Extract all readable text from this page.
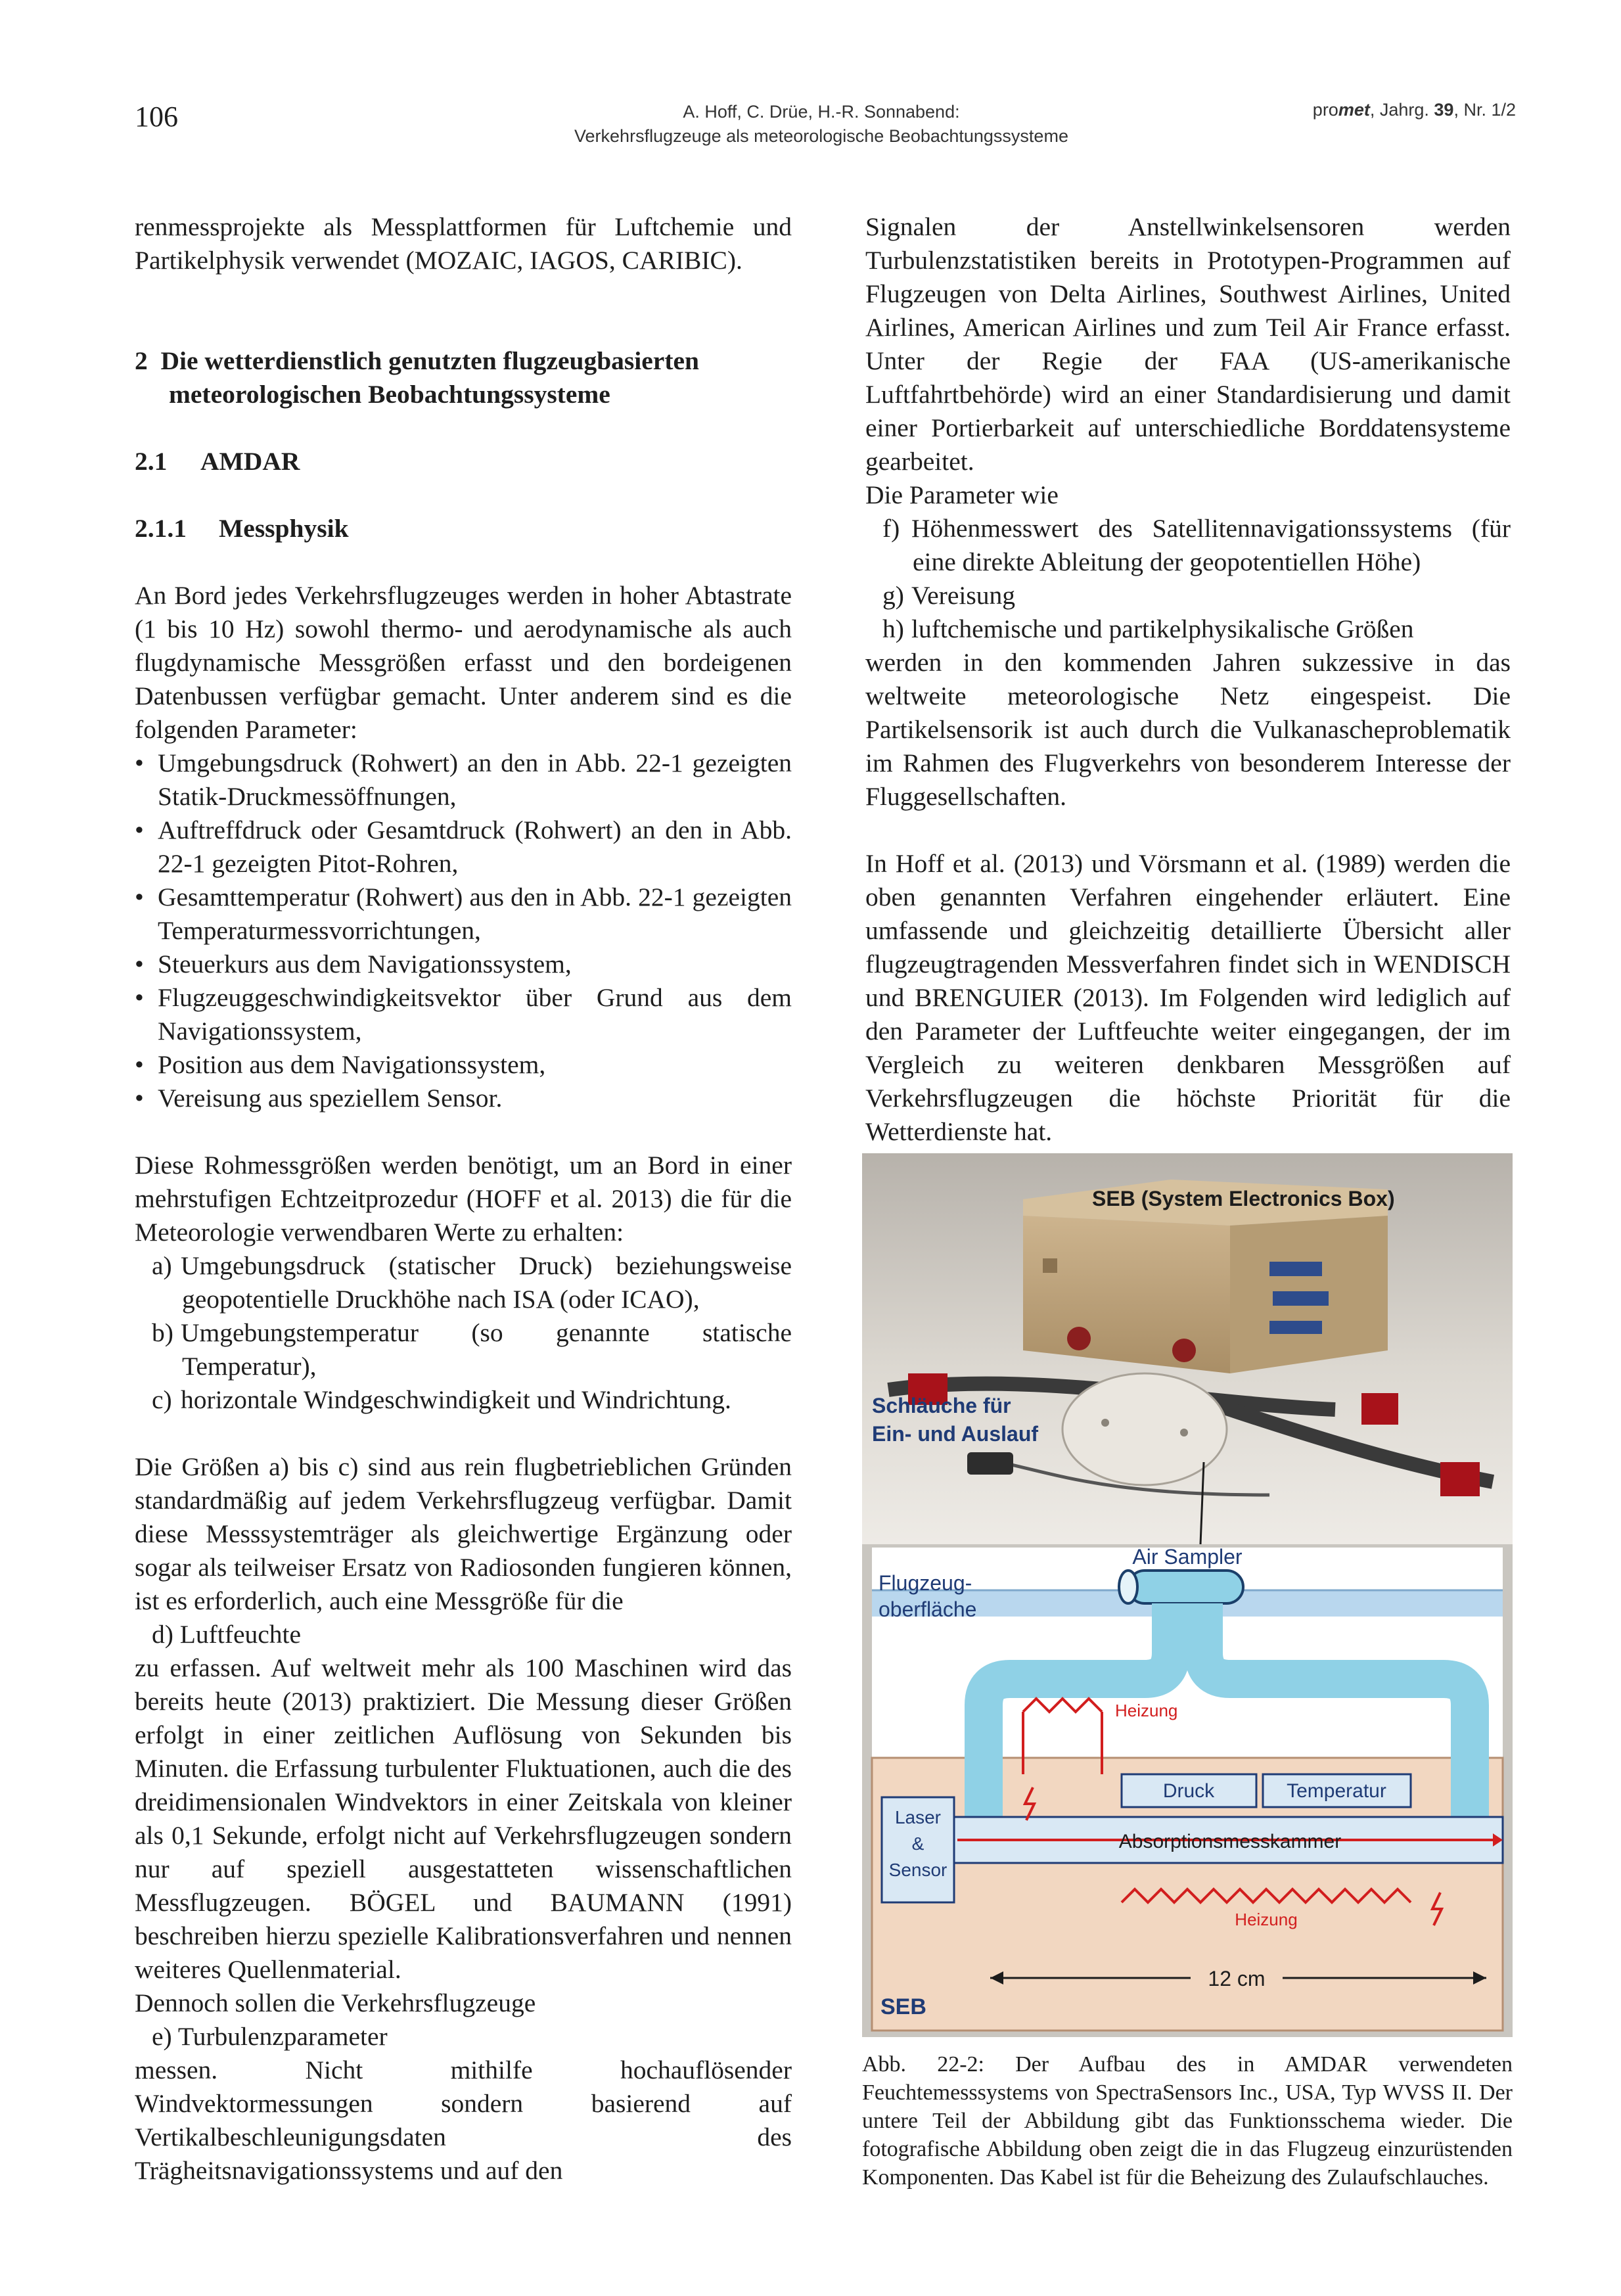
106	A. Hoff, C. Drüe, H.-R. Sonnabend:
Verkehrsflugzeuge als meteorologische Beobachtungssysteme
promet, Jahrg. 39, Nr. 1/2

renmessprojekte als Messplattformen für Luftchemie und Partikelphysik verwendet (MOZAIC, IAGOS, CARIBIC).

2 Die wetterdienstlich genutzten flugzeugbasierten meteorologischen Beobachtungssysteme
2.1 AMDAR
2.1.1 Messphysik

An Bord jedes Verkehrsflugzeuges werden in hoher Abtastrate (1 bis 10 Hz) sowohl thermo- und aerodynamische als auch flugdynamische Messgrößen erfasst und den bordeigenen Datenbussen verfügbar gemacht. Unter anderem sind es die folgenden Parameter:

• Umgebungsdruck (Rohwert) an den in Abb. 22-1 gezeigten Statik-Druckmessöffnungen,
• Auftreffdruck oder Gesamtdruck (Rohwert) an den in Abb. 22-1 gezeigten Pitot-Rohren,
• Gesamttemperatur (Rohwert) aus den in Abb. 22-1 gezeigten Temperaturmessvorrichtungen,
• Steuerkurs aus dem Navigationssystem,
• Flugzeuggeschwindigkeitsvektor über Grund aus dem Navigationssystem,
• Position aus dem Navigationssystem,
• Vereisung aus speziellem Sensor.

Diese Rohmessgrößen werden benötigt, um an Bord in einer mehrstufigen Echtzeitprozedur (HOFF et al. 2013) die für die Meteorologie verwendbaren Werte zu erhalten:

a) Umgebungsdruck (statischer Druck) beziehungsweise geopotentielle Druckhöhe nach ISA (oder ICAO),
b) Umgebungstemperatur (so genannte statische Temperatur),
c) horizontale Windgeschwindigkeit und Windrichtung.

Die Größen a) bis c) sind aus rein flugbetrieblichen Gründen standardmäßig auf jedem Verkehrsflugzeug verfügbar. Damit diese Messsystemträger als gleichwertige Ergänzung oder sogar als teilweiser Ersatz von Radiosonden fungieren können, ist es erforderlich, auch eine Messgröße für die

d) Luftfeuchte

zu erfassen. Auf weltweit mehr als 100 Maschinen wird das bereits heute (2013) praktiziert. Die Messung dieser Größen erfolgt in einer zeitlichen Auflösung von Sekunden bis Minuten. die Erfassung turbulenter Fluktuationen, auch die des dreidimensionalen Windvektors in einer Zeitskala von kleiner als 0,1 Sekunde, erfolgt nicht auf Verkehrsflugzeugen sondern nur auf speziell ausgestatteten wissenschaftlichen Messflugzeugen. BÖGEL und BAUMANN (1991) beschreiben hierzu spezielle Kalibrationsverfahren und nennen weiteres Quellenmaterial.

Dennoch sollen die Verkehrsflugzeuge

e) Turbulenzparameter

messen. Nicht mithilfe hochauflösender Windvektormessungen sondern basierend auf Vertikalbeschleunigungsdaten des Trägheitsnavigationssystems und auf den

Signalen der Anstellwinkelsensoren werden Turbulenzstatistiken bereits in Prototypen-Programmen auf Flugzeugen von Delta Airlines, Southwest Airlines, United Airlines, American Airlines und zum Teil Air France erfasst. Unter der Regie der FAA (US-amerikanische Luftfahrtbehörde) wird an einer Standardisierung und damit einer Portierbarkeit auf unterschiedliche Borddatensysteme gearbeitet.

Die Parameter wie

f) Höhenmesswert des Satellitennavigationssystems (für eine direkte Ableitung der geopotentiellen Höhe)
g) Vereisung
h) luftchemische und partikelphysikalische Größen

werden in den kommenden Jahren sukzessive in das weltweite meteorologische Netz eingespeist. Die Partikelsensorik ist auch durch die Vulkanascheproblematik im Rahmen des Flugverkehrs von besonderem Interesse der Fluggesellschaften.

In Hoff et al. (2013) und Vörsmann et al. (1989) werden die oben genannten Verfahren eingehender erläutert. Eine umfassende und gleichzeitig detaillierte Übersicht aller flugzeugtragenden Messverfahren findet sich in WENDISCH und BRENGUIER (2013). Im Folgenden wird lediglich auf den Parameter der Luftfeuchte weiter eingegangen, der im Vergleich zu weiteren denkbaren Messgrößen auf Verkehrsflugzeugen die höchste Priorität für die Wetterdienste hat.

SEB (System Electronics Box)
Schläuche für
Ein- und Auslauf
Heizung
Druck	Temperatur
Laser
&
Sensor
Absorptionsmesskammer
Heizung
12 cm
SEB
Air Sampler
Flugzeug-
oberfläche
Abb. 22-2: Der Aufbau des in AMDAR verwendeten Feuchtemesssystems von SpectraSensors Inc., USA, Typ WVSS II. Der untere Teil der Abbildung gibt das Funktionsschema wieder. Die fotografische Abbildung oben zeigt die in das Flugzeug einzurüstenden Komponenten. Das Kabel ist für die Beheizung des Zulaufschlauches.
